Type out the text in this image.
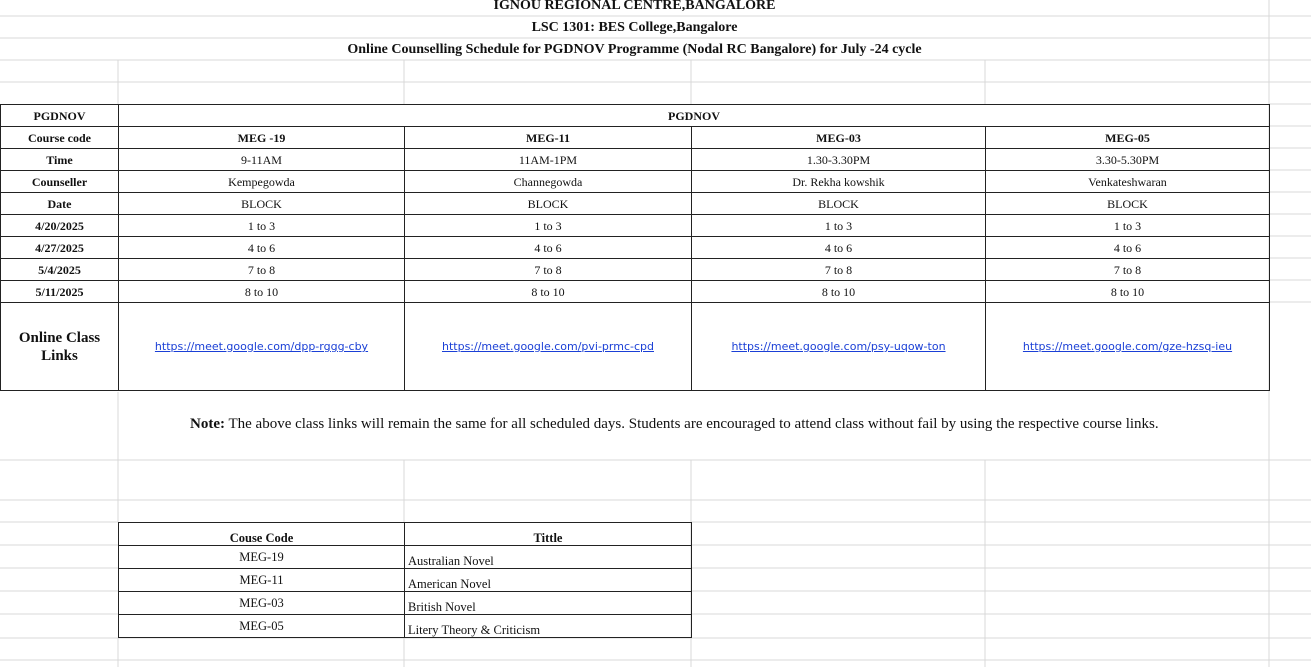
IGNOU REGIONAL CENTRE,BANGALORE
LSC 1301: BES College,Bangalore
Online Counselling Schedule for PGDNOV Programme (Nodal RC Bangalore) for July -24 cycle
PGDNOV	PGDNOV			
Course code	MEG -19	MEG-11	MEG-03	MEG-05
Time	9-11AM	11AM-1PM	1.30-3.30PM	3.30-5.30PM
Counseller	Kempegowda	Channegowda	Dr. Rekha kowshik	Venkateshwaran
Date	BLOCK	BLOCK	BLOCK	BLOCK
4/20/2025	1 to 3	1 to 3	1 to 3	1 to 3
4/27/2025	4 to 6	4 to 6	4 to 6	4 to 6
5/4/2025	7 to 8	7 to 8	7 to 8	7 to 8
5/11/2025	8 to 10	8 to 10	8 to 10	8 to 10
Online Class Links	https://meet.google.com/dpp-rggg-cby	https://meet.google.com/pvi-prmc-cpd	https://meet.google.com/psy-uqow-ton	https://meet.google.com/gze-hzsq-ieu
Note: The above class links will remain the same for all scheduled days. Students are encouraged to attend class without fail by using the respective course links.
Couse Code	Tittle
MEG-19	Australian Novel
MEG-11	American Novel
MEG-03	British Novel
MEG-05	Litery Theory & Criticism
